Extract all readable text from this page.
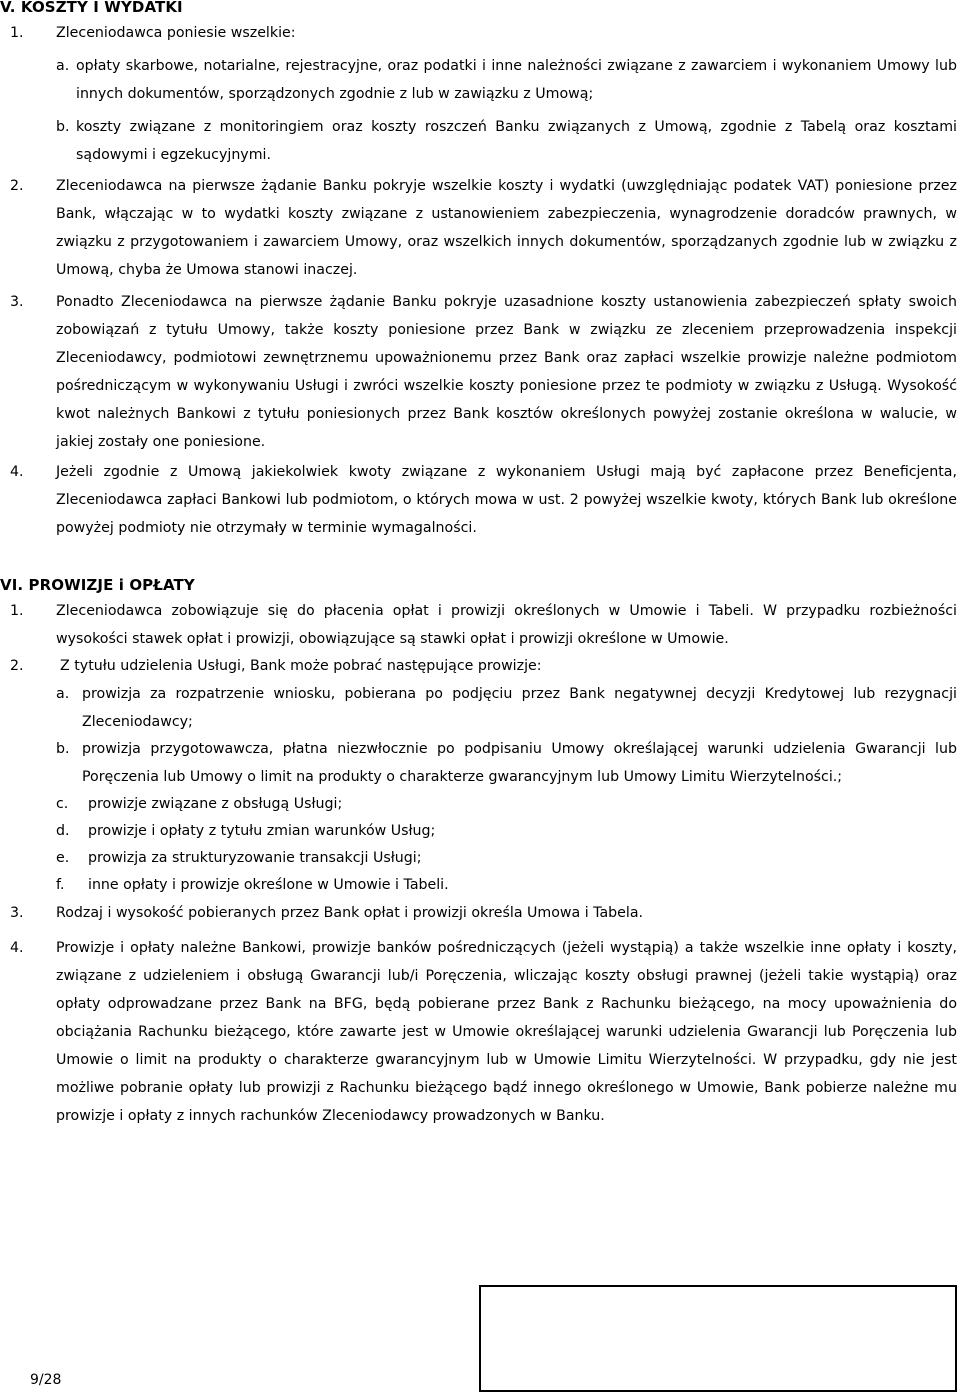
V. KOSZTY I WYDATKI
1. Zleceniodawca poniesie wszelkie:
a. opłaty skarbowe, notarialne, rejestracyjne, oraz podatki i inne należności związane z zawarciem i wykonaniem Umowy lub innych dokumentów, sporządzonych zgodnie z lub w zawiązku z Umową;
b. koszty związane z monitoringiem oraz koszty roszczeń Banku związanych z Umową, zgodnie z Tabelą oraz kosztami sądowymi i egzekucyjnymi.
2. Zleceniodawca na pierwsze żądanie Banku pokryje wszelkie koszty i wydatki (uwzględniając podatek VAT) poniesione przez Bank, włączając w to wydatki koszty związane z ustanowieniem zabezpieczenia, wynagrodzenie doradców prawnych, w związku z przygotowaniem i zawarciem Umowy, oraz wszelkich innych dokumentów, sporządzanych zgodnie lub w związku z Umową, chyba że Umowa stanowi inaczej.
3. Ponadto Zleceniodawca na pierwsze żądanie Banku pokryje uzasadnione koszty ustanowienia zabezpieczeń spłaty swoich zobowiązań z tytułu Umowy, także koszty poniesione przez Bank w związku ze zleceniem przeprowadzenia inspekcji Zleceniodawcy, podmiotowi zewnętrznemu upoważnionemu przez Bank oraz zapłaci wszelkie prowizje należne podmiotom pośredniczącym w wykonywaniu Usługi i zwróci wszelkie koszty poniesione przez te podmioty w związku z Usługą. Wysokość kwot należnych Bankowi z tytułu poniesionych przez Bank kosztów określonych powyżej zostanie określona w walucie, w jakiej zostały one poniesione.
4. Jeżeli zgodnie z Umową jakiekolwiek kwoty związane z wykonaniem Usługi mają być zapłacone przez Beneficjenta, Zleceniodawca zapłaci Bankowi lub podmiotom, o których mowa w ust. 2 powyżej wszelkie kwoty, których Bank lub określone powyżej podmioty nie otrzymały w terminie wymagalności.
VI. PROWIZJE i OPŁATY
1. Zleceniodawca zobowiązuje się do płacenia opłat i prowizji określonych w Umowie i Tabeli. W przypadku rozbieżności wysokości stawek opłat i prowizji, obowiązujące są stawki opłat i prowizji określone w Umowie.
2.	Z tytułu udzielenia Usługi, Bank może pobrać następujące prowizje:
a. prowizja za rozpatrzenie wniosku, pobierana po podjęciu przez Bank negatywnej decyzji Kredytowej lub rezygnacji Zleceniodawcy;
b. prowizja przygotowawcza, płatna niezwłocznie po podpisaniu Umowy określającej warunki udzielenia Gwarancji lub Poręczenia lub Umowy o limit na produkty o charakterze gwarancyjnym lub Umowy Limitu Wierzytelności.;
c. prowizje związane z obsługą Usługi;
d. prowizje i opłaty z tytułu zmian warunków Usług;
e. prowizja za strukturyzowanie transakcji Usługi;
f. inne opłaty i prowizje określone w Umowie i Tabeli.
3. Rodzaj i wysokość pobieranych przez Bank opłat i prowizji określa Umowa i Tabela.
4. Prowizje i opłaty należne Bankowi, prowizje banków pośredniczących (jeżeli wystąpią) a także wszelkie inne opłaty i koszty, związane z udzieleniem i obsługą Gwarancji lub/i Poręczenia, wliczając koszty obsługi prawnej (jeżeli takie wystąpią) oraz opłaty odprowadzane przez Bank na BFG, będą pobierane przez Bank z Rachunku bieżącego, na mocy upoważnienia do obciążania Rachunku bieżącego, które zawarte jest w Umowie określającej warunki udzielenia Gwarancji lub Poręczenia lub Umowie o limit na produkty o charakterze gwarancyjnym lub w Umowie Limitu Wierzytelności. W przypadku, gdy nie jest możliwe pobranie opłaty lub prowizji z Rachunku bieżącego bądź innego określonego w Umowie, Bank pobierze należne mu prowizje i opłaty z innych rachunków Zleceniodawcy prowadzonych w Banku.
9/28
